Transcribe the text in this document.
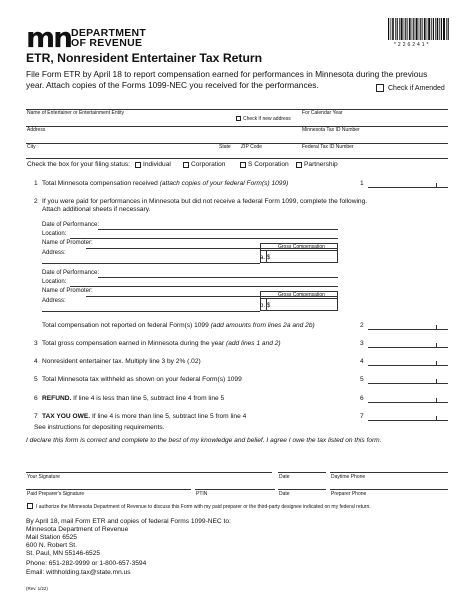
mn DEPARTMENT
OF REVENUE	* 2 2 6 2 4 1 *
ETR, Nonresident Entertainer Tax Return
File Form ETR by April 18 to report compensation earned for performances in Minnesota during the previous year. Attach copies of the Forms 1099-NEC you received for the performances.	Check if Amended
Name of Entertainer or Entertainment Entity
Check if new address
For Calendar Year
Address	Minnesota Tax ID Number
City	State ZIP Code	Federal Tax ID Number
Check the box for your filing status: Individual	Corporation	S Corporation Partnership
1 Total Minnesota compensation received (attach copies of your federal Form(s) 1099)	1
2 If you were paid for performances in Minnesota but did not receive a federal Form 1099, complete the following. Attach additional sheets if necessary.
Date of Performance:
Location:
Name of Promoter:
Address:
Gross Compensation
a. $
Date of Performance:
Location:
Name of Promoter:
Address:
Gross Compensation
b. $
Total compensation not reported on federal Form(s) 1099 (add amounts from lines 2a and 2b)	2
3 Total gross compensation earned in Minnesota during the year (add lines 1 and 2)	3
4 Nonresident entertainer tax. Multiply line 3 by 2% (.02)	4
5 Total Minnesota tax withheld as shown on your federal Form(s) 1099	5
6 REFUND. If line 4 is less than line 5, subtract line 4 from line 5	6
7 TAX YOU OWE. If line 4 is more than line 5, subtract line 5 from line 4	7
See instructions for depositing requirements.
I declare this form is correct and complete to the best of my knowledge and belief. I agree I owe the tax listed on this form.
Your Signature	Date	Daytime Phone
Paid Preparer's Signature	PTIN	Date	Preparer Phone
I authorize the Minnesota Department of Revenue to discuss this Form with my paid preparer or the third-party designee indicated on my federal return.
By April 18, mail Form ETR and copies of federal Forms 1099-NEC to:
Minnesota Department of Revenue
Mail Station 6525
600 N. Robert St.
St. Paul, MN 55146-6525
Phone: 651-282-9999 or 1-800-657-3594
Email: withholding.tax@state.mn.us
(Rev. 1/22)
